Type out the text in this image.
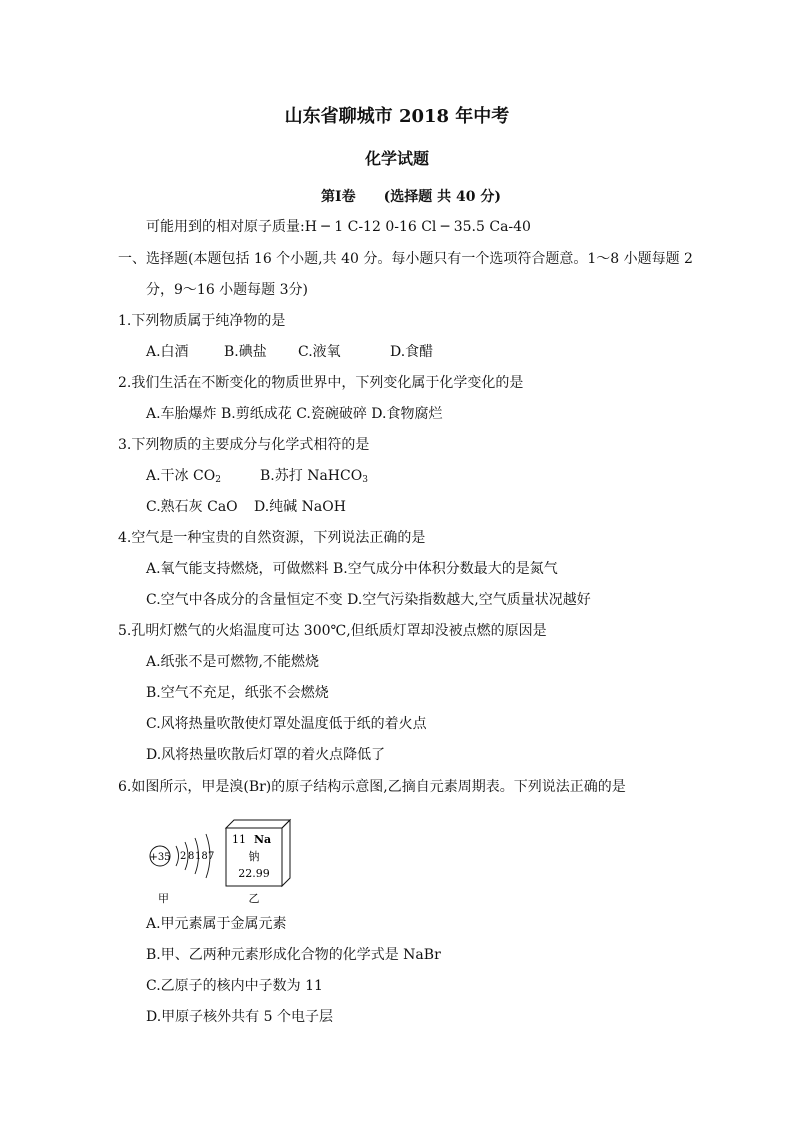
山东省聊城市 2018 年中考
化学试题
第Ⅰ卷　　(选择题 共 40 分)
可能用到的相对原子质量:H ─ 1 C-12 0-16 Cl ─ 35.5 Ca-40
一、选择题(本题包括 16 个小题,共 40 分。每小题只有一个选项符合题意。1～8 小题每题 2
分，9～16 小题每题 3分)
1.下列物质属于纯净物的是
A.白酒	B.碘盐 C.液氧	D.食醋
2.我们生活在不断变化的物质世界中，下列变化属于化学变化的是
A.车胎爆炸 B.剪纸成花 C.瓷碗破碎 D.食物腐烂
3.下列物质的主要成分与化学式相符的是
A.干冰 $CO_2$	B.苏打 NaHCO$_3$
C.熟石灰 CaO D.纯碱 NaOH
4.空气是一种宝贵的自然资源，下列说法正确的是
A.氧气能支持燃烧，可做燃料 B.空气成分中体积分数最大的是氮气
C.空气中各成分的含量恒定不变 D.空气污染指数越大,空气质量状况越好
5.孔明灯燃气的火焰温度可达 300℃,但纸质灯罩却没被点燃的原因是
A.纸张不是可燃物,不能燃烧
B.空气不充足，纸张不会燃烧
C.风将热量吹散使灯罩处温度低于纸的着火点
D.风将热量吹散后灯罩的着火点降低了
6.如图所示，甲是溴(Br)的原子结构示意图,乙摘自元素周期表。下列说法正确的是
+35 2 8 18 7
甲
11 Na
钠
22.99
乙
A.甲元素属于金属元素
B.甲、乙两种元素形成化合物的化学式是 NaBr
C.乙原子的核内中子数为 11
D.甲原子核外共有 5 个电子层
